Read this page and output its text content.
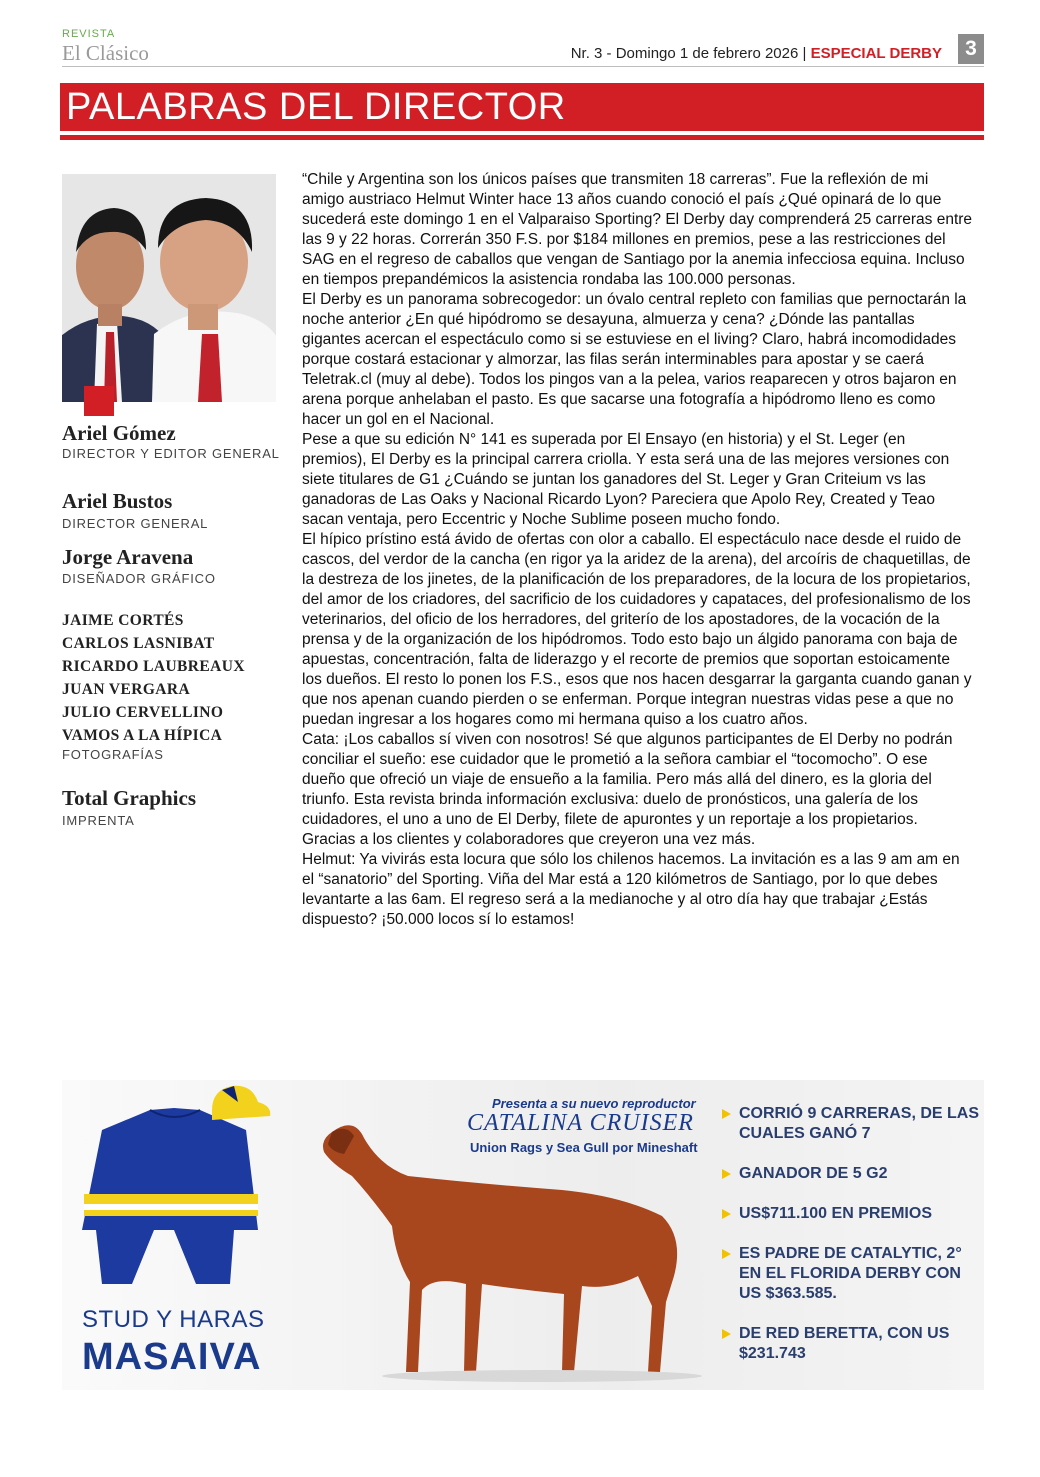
REVISTA
El Clásico	Nr. 3 - Domingo 1 de febrero 2026 | ESPECIAL DERBY	3
PALABRAS DEL DIRECTOR
Ariel Gómez
DIRECTOR Y EDITOR GENERAL
Ariel Bustos
DIRECTOR GENERAL
Jorge Aravena
DISEÑADOR GRÁFICO
JAIME CORTÉS
CARLOS LASNIBAT
RICARDO LAUBREAUX
JUAN VERGARA
JULIO CERVELLINO
VAMOS A LA HÍPICA
FOTOGRAFÍAS
Total Graphics
IMPRENTA

“Chile y Argentina son los únicos países que transmiten 18 carreras”. Fue la reflexión de mi amigo austriaco Helmut Winter hace 13 años cuando conoció el país ¿Qué opinará de lo que sucederá este domingo 1 en el Valparaiso Sporting? El Derby day comprenderá 25 carreras entre las 9 y 22 horas. Correrán 350 F.S. por $184 millones en premios, pese a las restricciones del SAG en el regreso de caballos que vengan de Santiago por la anemia infecciosa equina. Incluso en tiempos prepandémicos la asistencia rondaba las 100.000 personas.

El Derby es un panorama sobrecogedor: un óvalo central repleto con familias que pernoctarán la noche anterior ¿En qué hipódromo se desayuna, almuerza y cena? ¿Dónde las pantallas gigantes acercan el espectáculo como si se estuviese en el living? Claro, habrá incomodidades porque costará estacionar y almorzar, las filas serán interminables para apostar y se caerá Teletrak.cl (muy al debe). Todos los pingos van a la pelea, varios reaparecen y otros bajaron en arena porque anhelaban el pasto. Es que sacarse una fotografía a hipódromo lleno es como hacer un gol en el Nacional.

Pese a que su edición N° 141 es superada por El Ensayo (en historia) y el St. Leger (en premios), El Derby es la principal carrera criolla. Y esta será una de las mejores versiones con siete titulares de G1 ¿Cuándo se juntan los ganadores del St. Leger y Gran Criteium vs las ganadoras de Las Oaks y Nacional Ricardo Lyon? Pareciera que Apolo Rey, Created y Teao sacan ventaja, pero Eccentric y Noche Sublime poseen mucho fondo.

El hípico prístino está ávido de ofertas con olor a caballo. El espectáculo nace desde el ruido de cascos, del verdor de la cancha (en rigor ya la aridez de la arena), del arcoíris de chaquetillas, de la destreza de los jinetes, de la planificación de los preparadores, de la locura de los propietarios, del amor de los criadores, del sacrificio de los cuidadores y capataces, del profesionalismo de los veterinarios, del oficio de los herradores, del griterío de los apostadores, de la vocación de la prensa y de la organización de los hipódromos. Todo esto bajo un álgido panorama con baja de apuestas, concentración, falta de liderazgo y el recorte de premios que soportan estoicamente los dueños. El resto lo ponen los F.S., esos que nos hacen desgarrar la garganta cuando ganan y que nos apenan cuando pierden o se enferman. Porque integran nuestras vidas pese a que no puedan ingresar a los hogares como mi hermana quiso a los cuatro años.

Cata: ¡Los caballos sí viven con nosotros! Sé que algunos participantes de El Derby no podrán conciliar el sueño: ese cuidador que le prometió a la señora cambiar el “tocomocho”. O ese dueño que ofreció un viaje de ensueño a la familia. Pero más allá del dinero, es la gloria del triunfo. Esta revista brinda información exclusiva: duelo de pronósticos, una galería de los cuidadores, el uno a uno de El Derby, filete de apurontes y un reportaje a los propietarios. Gracias a los clientes y colaboradores que creyeron una vez más.

Helmut: Ya vivirás esta locura que sólo los chilenos hacemos. La invitación es a las 9 am am en el “sanatorio” del Sporting. Viña del Mar está a 120 kilómetros de Santiago, por lo que debes levantarte a las 6am. El regreso será a la medianoche y al otro día hay que trabajar ¿Estás dispuesto? ¡50.000 locos sí lo estamos!

Presenta a su nuevo reproductor
CATALINA CRUISER
Union Rags y Sea Gull por Mineshaft
STUD Y HARAS
MASAIVA
CORRIÓ 9 CARRERAS, DE LAS CUALES GANÓ 7
GANADOR DE 5 G2
US$711.100 EN PREMIOS
ES PADRE DE CATALYTIC, 2° EN EL FLORIDA DERBY CON US $363.585.
DE RED BERETTA, CON US $231.743
